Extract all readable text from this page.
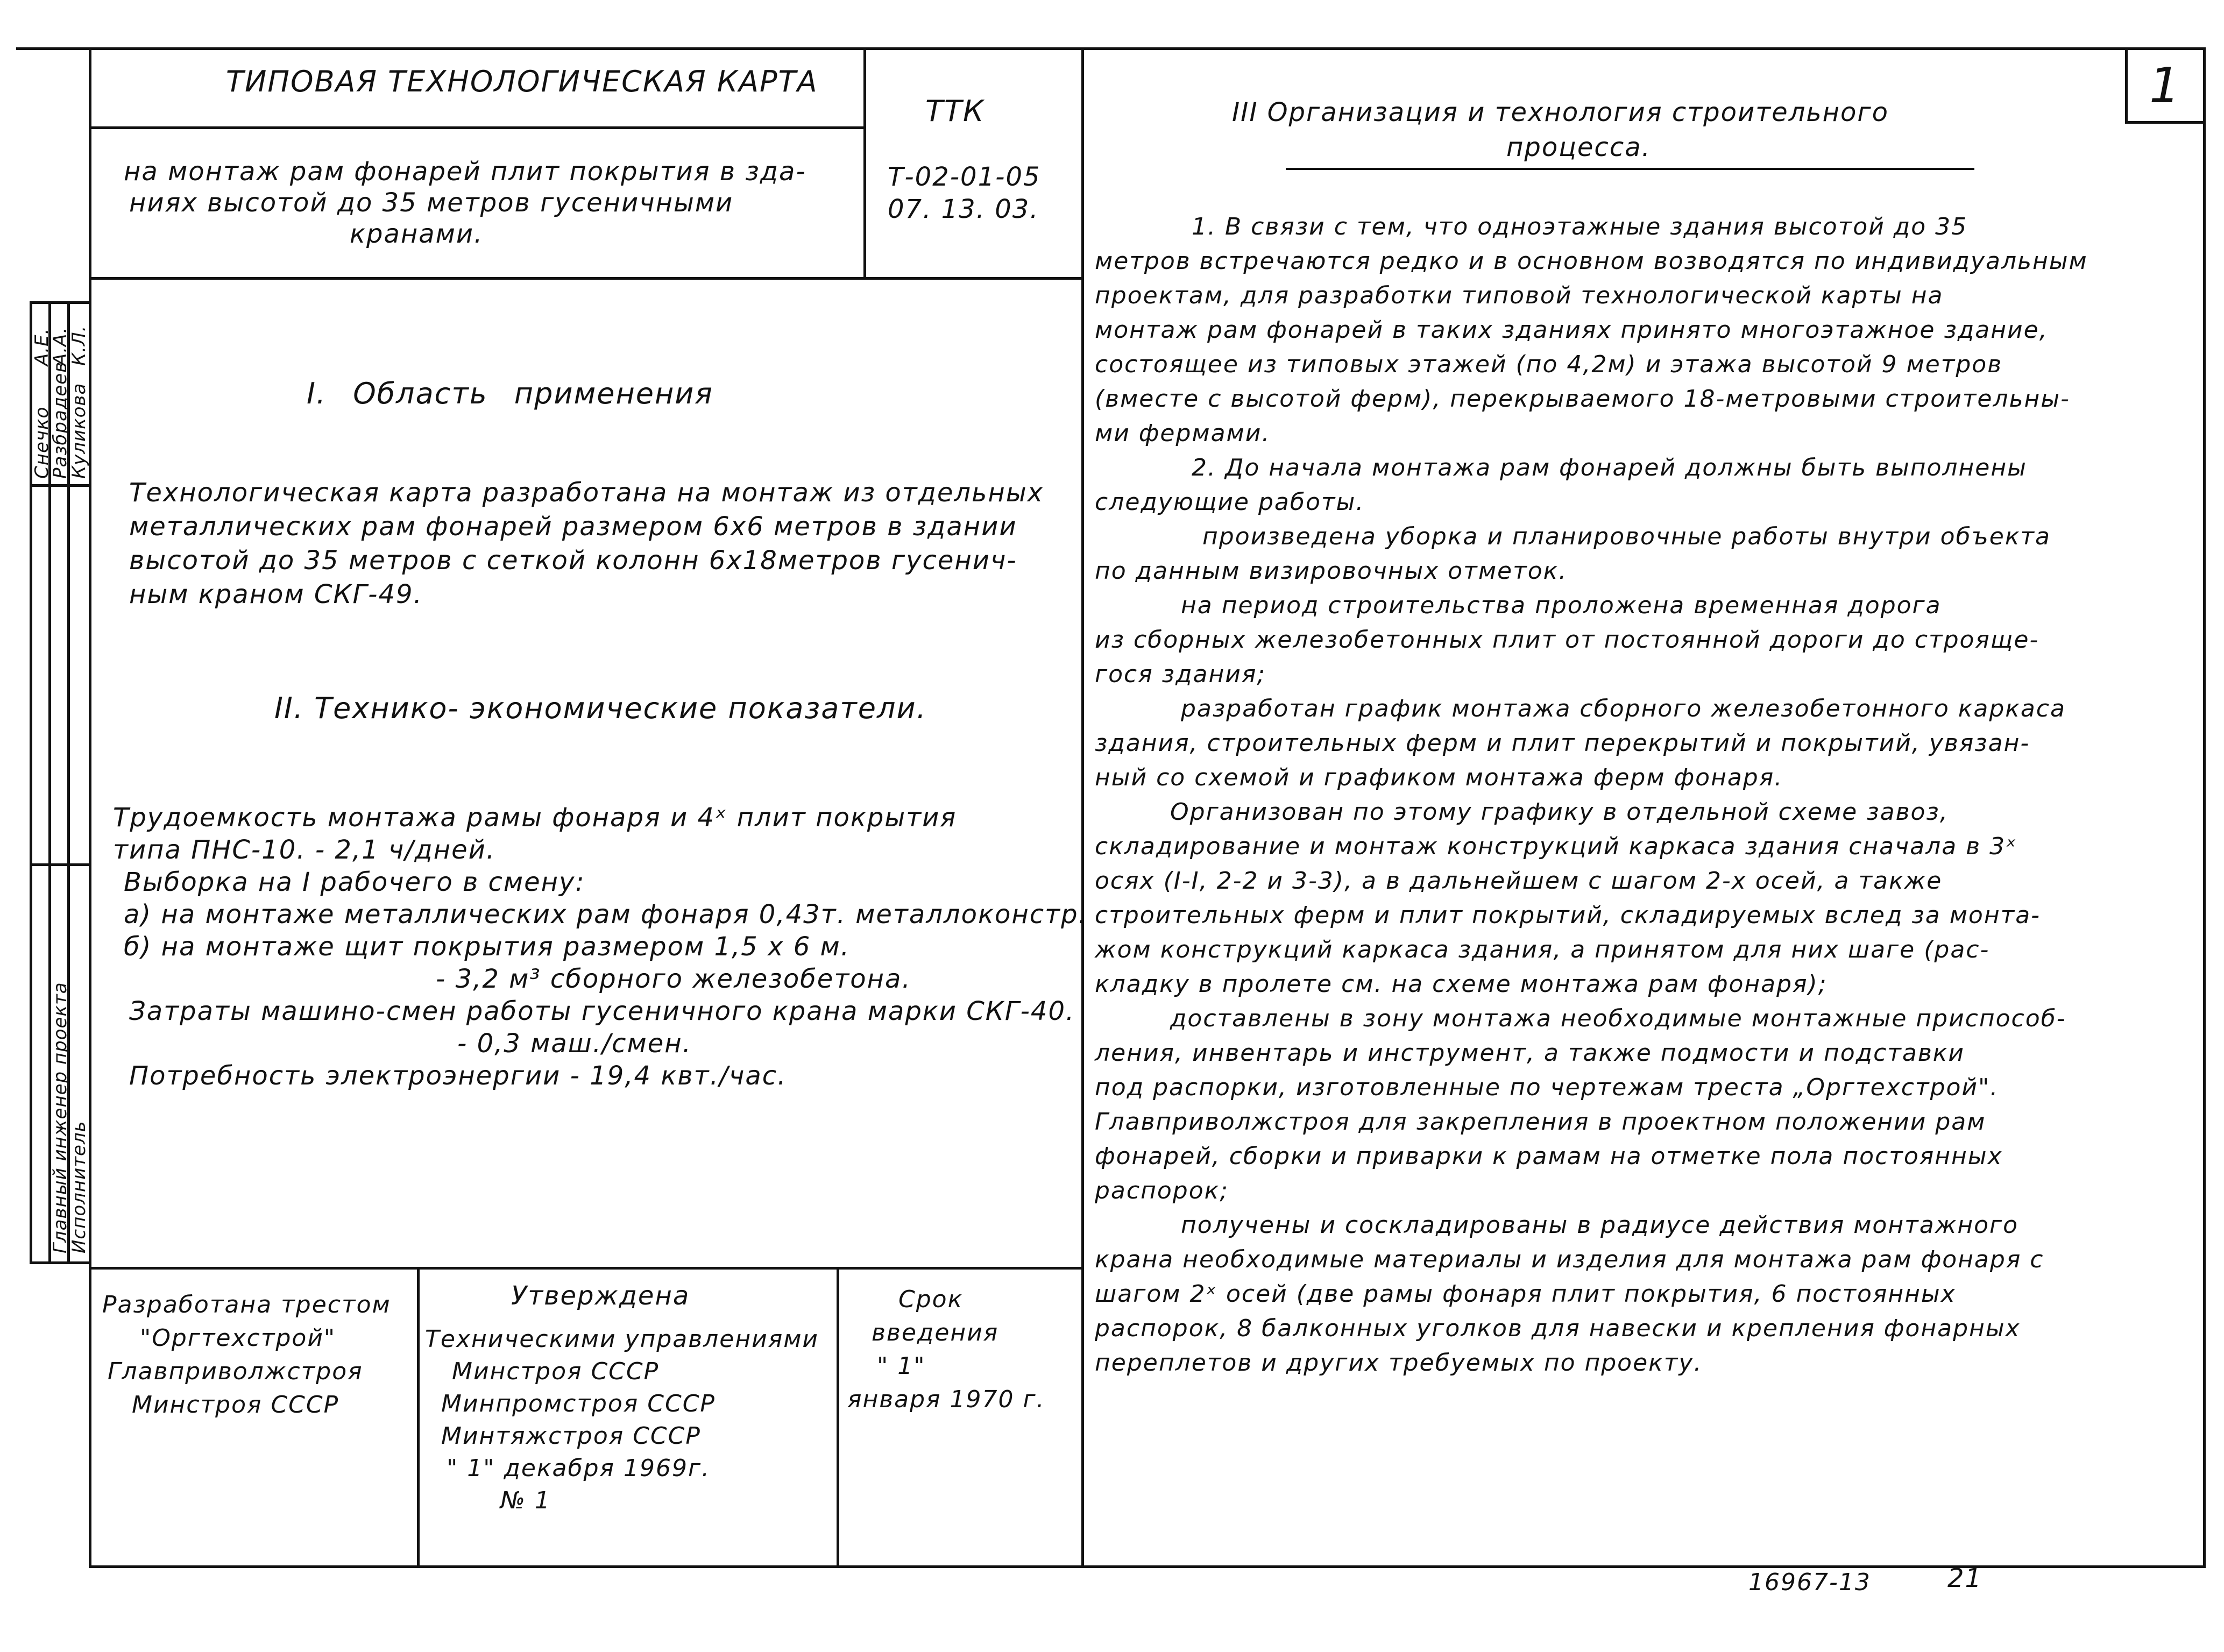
ТИПОВАЯ ТЕХНОЛОГИЧЕСКАЯ КАРТА
на монтаж рам фонарей плит покрытия в зда-
ниях высотой до 35 метров гусеничными
кранами.
ТТК
Т-02-01-05
07. 13. 03.
1
Снечко
Разбрадеев
Куликова
А.Е.
А.А.
К.Л.
Главный инженер проекта
Исполнитель
I. Область применения
Технологическая карта разработана на монтаж из отдельных
металлических рам фонарей размером 6х6 метров в здании
высотой до 35 метров с сеткой колонн 6х18метров гусенич-
ным краном СКГ-49.
II. Технико- экономические показатели.
Трудоемкость монтажа рамы фонаря и 4ˣ плит покрытия
типа ПНС-10. - 2,1 ч/дней.
Выборка на I рабочего в смену:
а) на монтаже металлических рам фонаря 0,43т. металлоконстр.
б) на монтаже щит покрытия размером 1,5 х 6 м.
- 3,2 м³ сборного железобетона.
Затраты машино-смен работы гусеничного крана марки СКГ-40.
- 0,3 маш./смен.
Потребность электроэнергии - 19,4 квт./час.
Разработана трестом
"Оргтехстрой"
Главприволжстроя
Минстроя СССР
Утверждена
Техническими управлениями
Минстроя СССР
Минпромстроя СССР
Минтяжстроя СССР
" 1" декабря 1969г.
№ 1
Срок
введения
" 1"
января 1970 г.
III Организация и технология строительного
процесса.
1. В связи с тем, что одноэтажные здания высотой до 35
метров встречаются редко и в основном возводятся по индивидуальным
проектам, для разработки типовой технологической карты на
монтаж рам фонарей в таких зданиях принято многоэтажное здание,
состоящее из типовых этажей (по 4,2м) и этажа высотой 9 метров
(вместе с высотой ферм), перекрываемого 18-метровыми строительны-
ми фермами.
2. До начала монтажа рам фонарей должны быть выполнены
следующие работы.
произведена уборка и планировочные работы внутри объекта
по данным визировочных отметок.
на период строительства проложена временная дорога
из сборных железобетонных плит от постоянной дороги до строяще-
гося здания;
разработан график монтажа сборного железобетонного каркаса
здания, строительных ферм и плит перекрытий и покрытий, увязан-
ный со схемой и графиком монтажа ферм фонаря.
Организован по этому графику в отдельной схеме завоз,
складирование и монтаж конструкций каркаса здания сначала в 3ˣ
осях (I-I, 2-2 и 3-3), а в дальнейшем с шагом 2-х осей, а также
строительных ферм и плит покрытий, складируемых вслед за монта-
жом конструкций каркаса здания, а принятом для них шаге (рас-
кладку в пролете см. на схеме монтажа рам фонаря);
доставлены в зону монтажа необходимые монтажные приспособ-
ления, инвентарь и инструмент, а также подмости и подставки
под распорки, изготовленные по чертежам треста „Оргтехстрой".
Главприволжстроя для закрепления в проектном положении рам
фонарей, сборки и приварки к рамам на отметке пола постоянных
распорок;
получены и соскладированы в радиусе действия монтажного
крана необходимые материалы и изделия для монтажа рам фонаря с
шагом 2ˣ осей (две рамы фонаря плит покрытия, 6 постоянных
распорок, 8 балконных уголков для навески и крепления фонарных
переплетов и других требуемых по проекту.
16967-13	21
